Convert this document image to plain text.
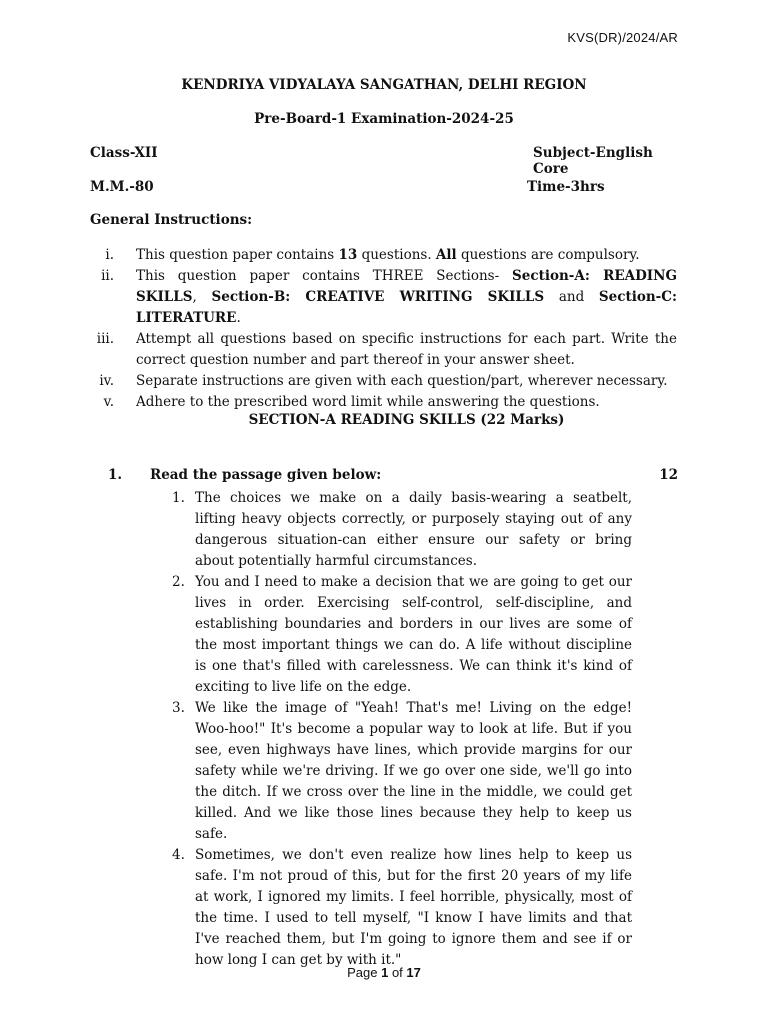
KVS(DR)/2024/AR
KENDRIYA VIDYALAYA SANGATHAN, DELHI REGION
Pre-Board-1 Examination-2024-25
Class-XII	Subject-English Core
M.M.-80	Time-3hrs
General Instructions:
i. This question paper contains 13 questions. All questions are compulsory.
ii. This question paper contains THREE Sections- Section-A: READING SKILLS, Section-B: CREATIVE WRITING SKILLS and Section-C: LITERATURE.
iii. Attempt all questions based on specific instructions for each part. Write the correct question number and part thereof in your answer sheet.
iv. Separate instructions are given with each question/part, wherever necessary.
v. Adhere to the prescribed word limit while answering the questions.
SECTION-A READING SKILLS (22 Marks)
1. Read the passage given below:	12
1. The choices we make on a daily basis-wearing a seatbelt, lifting heavy objects correctly, or purposely staying out of any dangerous situation-can either ensure our safety or bring about potentially harmful circumstances.
2. You and I need to make a decision that we are going to get our lives in order. Exercising self-control, self-discipline, and establishing boundaries and borders in our lives are some of the most important things we can do. A life without discipline is one that's filled with carelessness. We can think it's kind of exciting to live life on the edge.
3. We like the image of "Yeah! That's me! Living on the edge! Woo-hoo!" It's become a popular way to look at life. But if you see, even highways have lines, which provide margins for our safety while we're driving. If we go over one side, we'll go into the ditch. If we cross over the line in the middle, we could get killed. And we like those lines because they help to keep us safe.
4. Sometimes, we don't even realize how lines help to keep us safe. I'm not proud of this, but for the first 20 years of my life at work, I ignored my limits. I feel horrible, physically, most of the time. I used to tell myself, "I know I have limits and that I've reached them, but I'm going to ignore them and see if or how long I can get by with it."
Page 1 of 17
